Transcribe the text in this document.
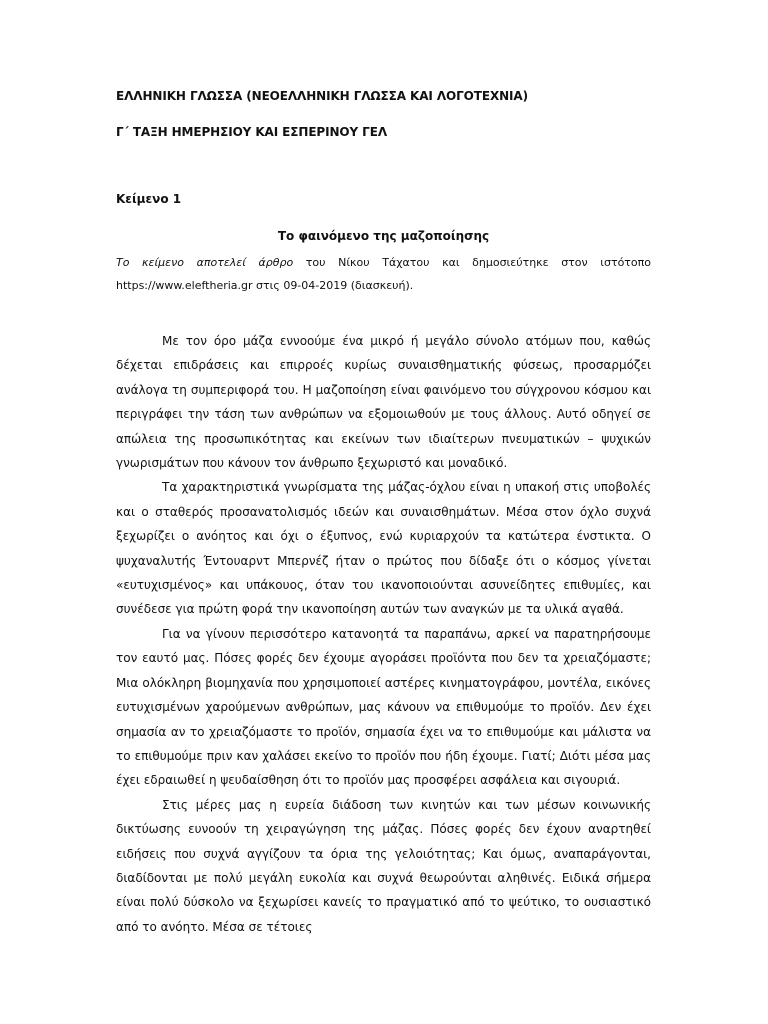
ΕΛΛΗΝΙΚΗ ΓΛΩΣΣΑ (ΝΕΟΕΛΛΗΝΙΚΗ ΓΛΩΣΣΑ ΚΑΙ ΛΟΓΟΤΕΧΝΙΑ)

Γ΄ ΤΑΞΗ ΗΜΕΡΗΣΙΟΥ ΚΑΙ ΕΣΠΕΡΙΝΟΥ ΓΕΛ

Κείμενο 1

Το φαινόμενο της μαζοποίησης

Το κείμενο αποτελεί άρθρο του Νίκου Τάχατου και δημοσιεύτηκε στον ιστότοπο https://www.eleftheria.gr στις 09-04-2019 (διασκευή).

Με τον όρο μάζα εννοούμε ένα μικρό ή μεγάλο σύνολο ατόμων που, καθώς δέχεται επιδράσεις και επιρροές κυρίως συναισθηματικής φύσεως, προσαρμόζει ανάλογα τη συμπεριφορά του. Η μαζοποίηση είναι φαινόμενο του σύγχρονου κόσμου και περιγράφει την τάση των ανθρώπων να εξομοιωθούν με τους άλλους. Αυτό οδηγεί σε απώλεια της προσωπικότητας και εκείνων των ιδιαίτερων πνευματικών – ψυχικών γνωρισμάτων που κάνουν τον άνθρωπο ξεχωριστό και μοναδικό.

Τα χαρακτηριστικά γνωρίσματα της μάζας-όχλου είναι η υπακοή στις υποβολές και ο σταθερός προσανατολισμός ιδεών και συναισθημάτων. Μέσα στον όχλο συχνά ξεχωρίζει ο ανόητος και όχι ο έξυπνος, ενώ κυριαρχούν τα κατώτερα ένστικτα. Ο ψυχαναλυτής Έντουαρντ Μπερνέζ ήταν ο πρώτος που δίδαξε ότι ο κόσμος γίνεται «ευτυχισμένος» και υπάκουος, όταν του ικανοποιούνται ασυνείδητες επιθυμίες, και συνέδεσε για πρώτη φορά την ικανοποίηση αυτών των αναγκών με τα υλικά αγαθά.

Για να γίνουν περισσότερο κατανοητά τα παραπάνω, αρκεί να παρατηρήσουμε τον εαυτό μας. Πόσες φορές δεν έχουμε αγοράσει προϊόντα που δεν τα χρειαζόμαστε; Μια ολόκληρη βιομηχανία που χρησιμοποιεί αστέρες κινηματογράφου, μοντέλα, εικόνες ευτυχισμένων χαρούμενων ανθρώπων, μας κάνουν να επιθυμούμε το προϊόν. Δεν έχει σημασία αν το χρειαζόμαστε το προϊόν, σημασία έχει να το επιθυμούμε και μάλιστα να το επιθυμούμε πριν καν χαλάσει εκείνο το προϊόν που ήδη έχουμε. Γιατί; Διότι μέσα μας έχει εδραιωθεί η ψευδαίσθηση ότι το προϊόν μας προσφέρει ασφάλεια και σιγουριά.

Στις μέρες μας η ευρεία διάδοση των κινητών και των μέσων κοινωνικής δικτύωσης ευνοούν τη χειραγώγηση της μάζας. Πόσες φορές δεν έχουν αναρτηθεί ειδήσεις που συχνά αγγίζουν τα όρια της γελοιότητας; Και όμως, αναπαράγονται, διαδίδονται με πολύ μεγάλη ευκολία και συχνά θεωρούνται αληθινές. Ειδικά σήμερα είναι πολύ δύσκολο να ξεχωρίσει κανείς το πραγματικό από το ψεύτικο, το ουσιαστικό από το ανόητο. Μέσα σε τέτοιες
